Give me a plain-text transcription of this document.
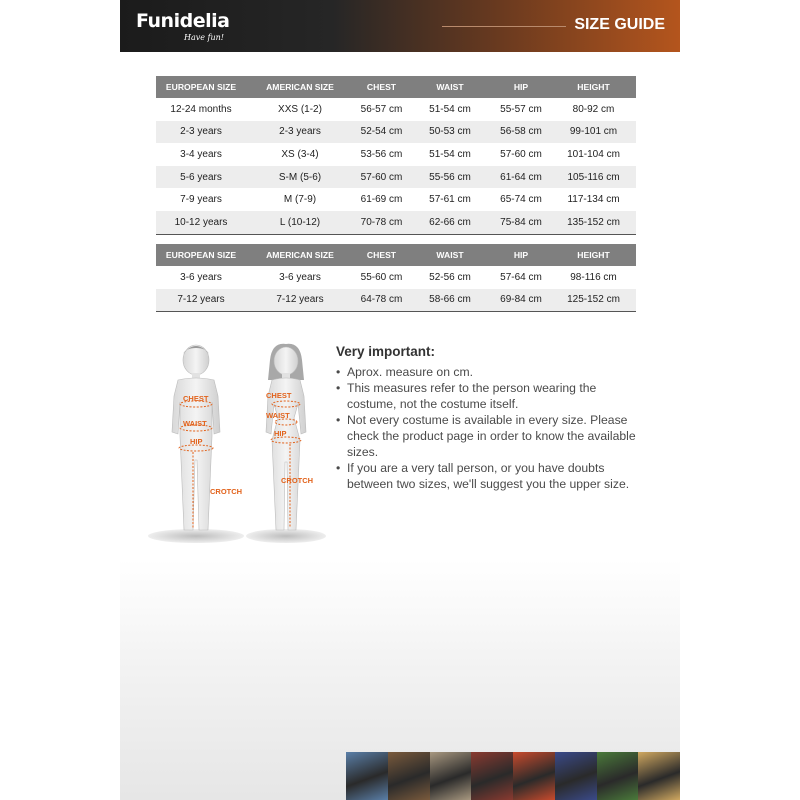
Funidelia
Have fun!
SIZE GUIDE
EUROPEAN SIZE	AMERICAN SIZE	CHEST	WAIST	HIP	HEIGHT
12-24 months	XXS (1-2)	56-57 cm	51-54 cm	55-57 cm	80-92 cm
2-3 years	2-3 years	52-54 cm	50-53 cm	56-58 cm	99-101 cm
3-4 years	XS (3-4)	53-56 cm	51-54 cm	57-60 cm	101-104 cm
5-6 years	S-M (5-6)	57-60 cm	55-56 cm	61-64 cm	105-116 cm
7-9 years	M (7-9)	61-69 cm	57-61 cm	65-74 cm	117-134 cm
10-12 years	L (10-12)	70-78 cm	62-66 cm	75-84 cm	135-152 cm
EUROPEAN SIZE	AMERICAN SIZE	CHEST	WAIST	HIP	HEIGHT
3-6 years	3-6 years	55-60 cm	52-56 cm	57-64 cm	98-116 cm
7-12 years	7-12 years	64-78 cm	58-66 cm	69-84 cm	125-152 cm
CHEST
WAIST
HIP
CROTCH
CHEST
WAIST
HIP
CROTCH
Very important:
• Aprox. measure on cm.
• This measures refer to the person wearing the costume, not the costume itself.
• Not every costume is available in every size. Please check the product page in order to know the available sizes.
• If you are a very tall person, or you have doubts between two sizes, we'll suggest you the upper size.
